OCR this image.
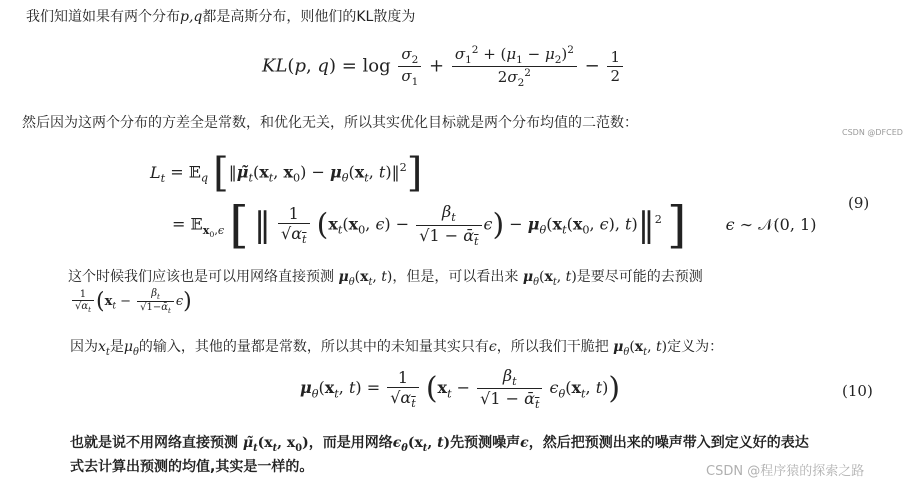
我们知道如果有两个分布p,q都是高斯分布，则他们的KL散度为
KL(p, $q) = \log \frac{\sigma_2}{\sigma_1} + \frac{\sigma_1^2 + (\mu_1 - \mu_2)^2}{2\sigma_2^2} - \frac{1}{2}$
然后因为这两个分布的方差全是常数，和优化无关，所以其实优化目标就是两个分布均值的二范数：
CSDN @DFCED
$L_t$ = 𝔼$_q$ [$‖\mũ_t(x_t$, $x_0) - \mu_\theta(x_t$, t)‖$^2$]
= 𝔼$_{x_0,\epsilon}$ [ ‖ $\frac{1}{√\alpha_t} (x_t(x_0$, $\epsilon) - \frac{\beta_t}{√1 - ᾱ_t} \epsilon) - \mu_\theta(x_t(x_0$, ϵ), t)‖$^2$ ] ϵ ∼ 𝒩(0, 1)
(9)
这个时候我们应该也是可以用网络直接预测 $\mu_\theta(x_t$, t)，但是，可以看出来 $\mu_\theta(x_t$, t)是要尽可能的去预测
$\frac{1}{√\alpha_t} (x_t - \frac{\beta_t}{√1-ᾱ_t} \epsilon)$
因为$x_t$是$\mu_\theta$的输入，其他的量都是常数，所以其中的未知量其实只有ϵ，所以我们干脆把 $\mu_\theta(x_t$, t)定义为：
$\mu_\theta(x_t$, $t) = \frac{1}{√\alpha_t} (x_t - \frac{\beta_t}{√1 - ᾱ_t} \epsilon_\theta(x_t$, t))	(10)
也就是说不用网络直接预测 $\mũ_t(x_t$, $x_0$)，而是用网络$\epsilon_\theta(x_t$, t)先预测噪声ϵ，然后把预测出来的噪声带入到定义好的表达
式去计算出预测的均值,其实是一样的。	CSDN @程序猿的探索之路
